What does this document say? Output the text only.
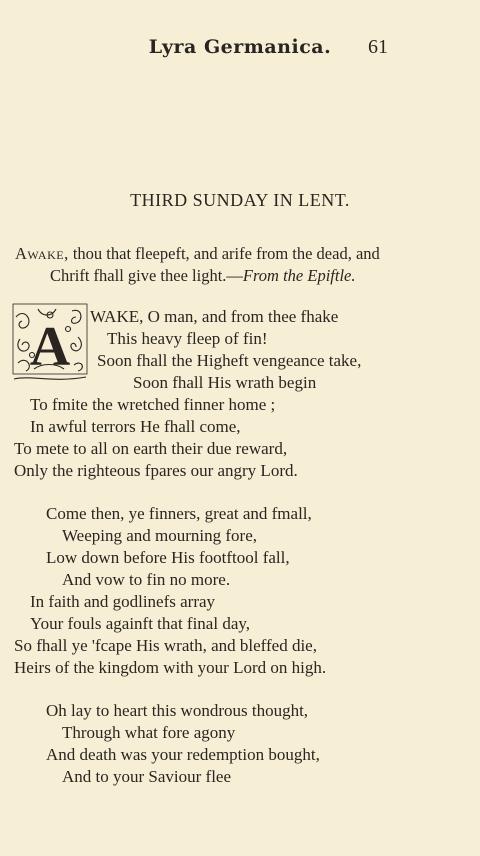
Lyra Germanica.	61
THIRD SUNDAY IN LENT.
Awake, thou that fleepeft, and arife from the dead, and
Chrift fhall give thee light.—From the Epiftle.
A WAKE, O man, and from thee fhake
This heavy fleep of fin!
Soon fhall the Higheft vengeance take,
Soon fhall His wrath begin
To fmite the wretched finner home ;
In awful terrors He fhall come,
To mete to all on earth their due reward,
Only the righteous fpares our angry Lord.
Come then, ye finners, great and fmall,
Weeping and mourning fore,
Low down before His footftool fall,
And vow to fin no more.
In faith and godlinefs array
Your fouls againft that final day,
So fhall ye 'fcape His wrath, and bleffed die,
Heirs of the kingdom with your Lord on high.
Oh lay to heart this wondrous thought,
Through what fore agony
And death was your redemption bought,
And to your Saviour flee
